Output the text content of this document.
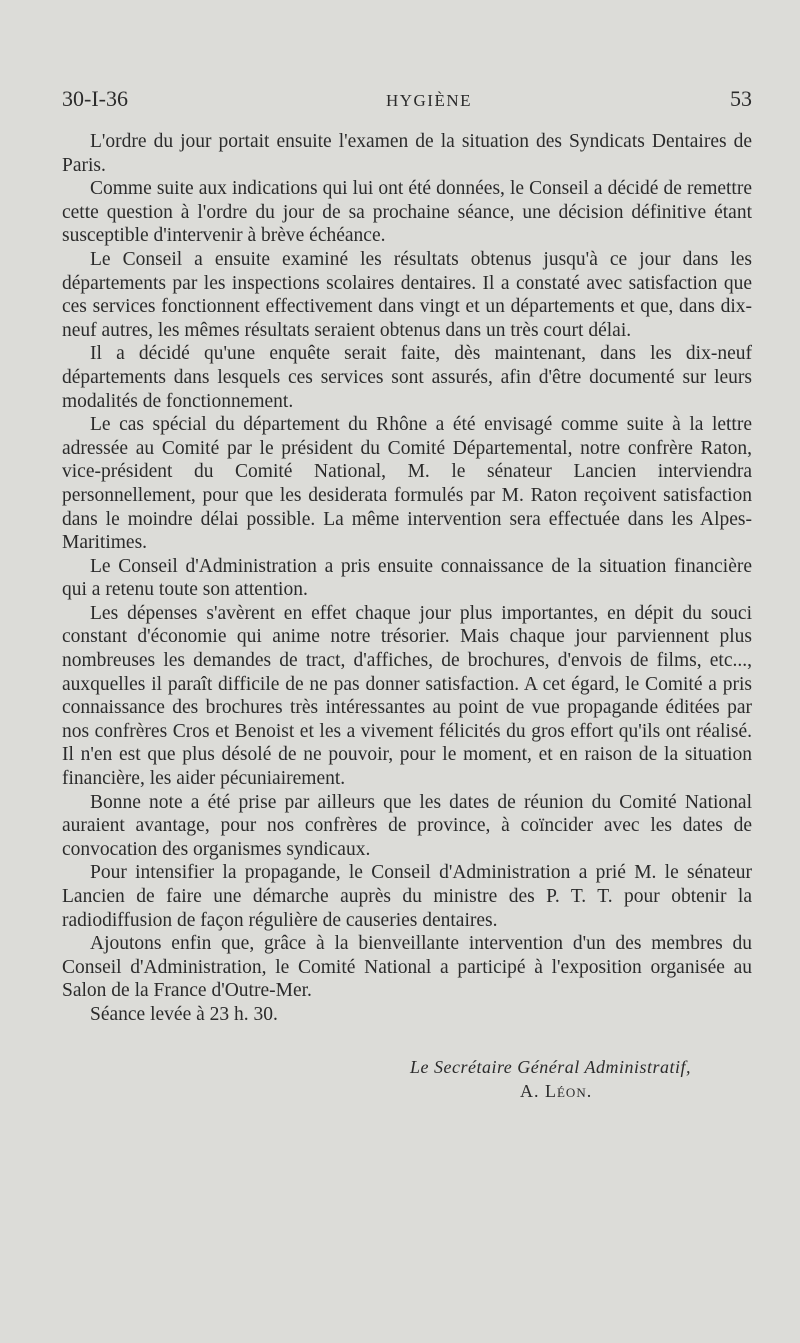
30-I-36	HYGIÈNE	53

L'ordre du jour portait ensuite l'examen de la situation des Syndicats Dentaires de Paris.

Comme suite aux indications qui lui ont été données, le Conseil a décidé de remettre cette question à l'ordre du jour de sa prochaine séance, une décision définitive étant susceptible d'intervenir à brève échéance.

Le Conseil a ensuite examiné les résultats obtenus jusqu'à ce jour dans les départements par les inspections scolaires dentaires. Il a constaté avec satisfaction que ces services fonctionnent effectivement dans vingt et un départements et que, dans dix-neuf autres, les mêmes résultats seraient obtenus dans un très court délai.

Il a décidé qu'une enquête serait faite, dès maintenant, dans les dix-neuf départements dans lesquels ces services sont assurés, afin d'être documenté sur leurs modalités de fonctionnement.

Le cas spécial du département du Rhône a été envisagé comme suite à la lettre adressée au Comité par le président du Comité Départemental, notre confrère Raton, vice-président du Comité National, M. le sénateur Lancien interviendra personnellement, pour que les desiderata formulés par M. Raton reçoivent satisfaction dans le moindre délai possible. La même intervention sera effectuée dans les Alpes-Maritimes.

Le Conseil d'Administration a pris ensuite connaissance de la situation financière qui a retenu toute son attention.

Les dépenses s'avèrent en effet chaque jour plus importantes, en dépit du souci constant d'économie qui anime notre trésorier. Mais chaque jour parviennent plus nombreuses les demandes de tract, d'affiches, de brochures, d'envois de films, etc..., auxquelles il paraît difficile de ne pas donner satisfaction. A cet égard, le Comité a pris connaissance des brochures très intéressantes au point de vue propagande éditées par nos confrères Cros et Benoist et les a vivement félicités du gros effort qu'ils ont réalisé. Il n'en est que plus désolé de ne pouvoir, pour le moment, et en raison de la situation financière, les aider pécuniairement.

Bonne note a été prise par ailleurs que les dates de réunion du Comité National auraient avantage, pour nos confrères de province, à coïncider avec les dates de convocation des organismes syndicaux.

Pour intensifier la propagande, le Conseil d'Administration a prié M. le sénateur Lancien de faire une démarche auprès du ministre des P. T. T. pour obtenir la radiodiffusion de façon régulière de causeries dentaires.

Ajoutons enfin que, grâce à la bienveillante intervention d'un des membres du Conseil d'Administration, le Comité National a participé à l'exposition organisée au Salon de la France d'Outre-Mer.

Séance levée à 23 h. 30.

Le Secrétaire Général Administratif,
A. Léon.
